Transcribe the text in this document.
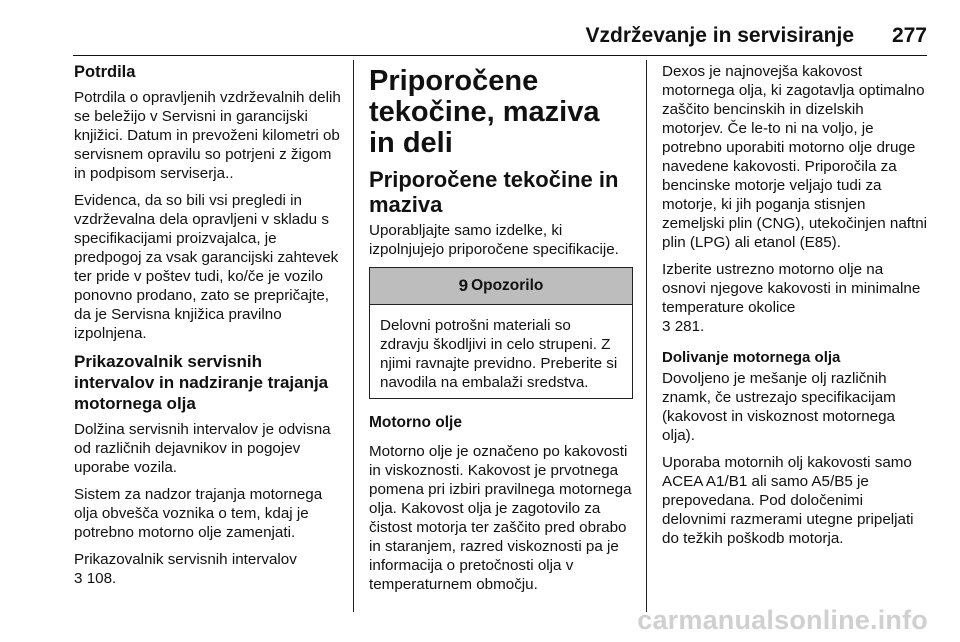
Vzdrževanje in servisiranje 277
Potrdila

Potrdila o opravljenih vzdrževalnih delih se beležijo v Servisni in garancijski knjižici. Datum in prevoženi kilometri ob servisnem opravilu so potrjeni z žigom in podpisom serviserja..

Evidenca, da so bili vsi pregledi in vzdrževalna dela opravljeni v skladu s specifikacijami proizvajalca, je predpogoj za vsak garancijski zahtevek ter pride v poštev tudi, ko/če je vozilo ponovno prodano, zato se prepričajte, da je Servisna knjižica pravilno izpolnjena.

Prikazovalnik servisnih intervalov in nadziranje trajanja motornega olja

Dolžina servisnih intervalov je odvisna od različnih dejavnikov in pogojev uporabe vozila.

Sistem za nadzor trajanja motornega olja obvešča voznika o tem, kdaj je potrebno motorno olje zamenjati.

Prikazovalnik servisnih intervalov
3 108.

Priporočene tekočine, maziva in deli
Priporočene tekočine in maziva

Uporabljajte samo izdelke, ki izpolnjujejo priporočene specifikacije.

9 Opozorilo

Delovni potrošni materiali so zdravju škodljivi in celo strupeni. Z njimi ravnajte previdno. Preberite si navodila na embalaži sredstva.

Motorno olje

Motorno olje je označeno po kakovosti in viskoznosti. Kakovost je prvotnega pomena pri izbiri pravilnega motornega olja. Kakovost olja je zagotovilo za čistost motorja ter zaščito pred obrabo in staranjem, razred viskoznosti pa je informacija o pretočnosti olja v temperaturnem območju.

Dexos je najnovejša kakovost motornega olja, ki zagotavlja optimalno zaščito bencinskih in dizelskih motorjev. Če le-to ni na voljo, je potrebno uporabiti motorno olje druge navedene kakovosti. Priporočila za bencinske motorje veljajo tudi za motorje, ki jih poganja stisnjen zemeljski plin (CNG), utekočinjen naftni plin (LPG) ali etanol (E85).

Izberite ustrezno motorno olje na osnovi njegove kakovosti in minimalne temperature okolice
3 281.

Dolivanje motornega olja

Dovoljeno je mešanje olj različnih znamk, če ustrezajo specifikacijam (kakovost in viskoznost motornega olja).

Uporaba motornih olj kakovosti samo ACEA A1/B1 ali samo A5/B5 je prepovedana. Pod določenimi delovnimi razmerami utegne pripeljati do težkih poškodb motorja.

carmanualsonline.info
